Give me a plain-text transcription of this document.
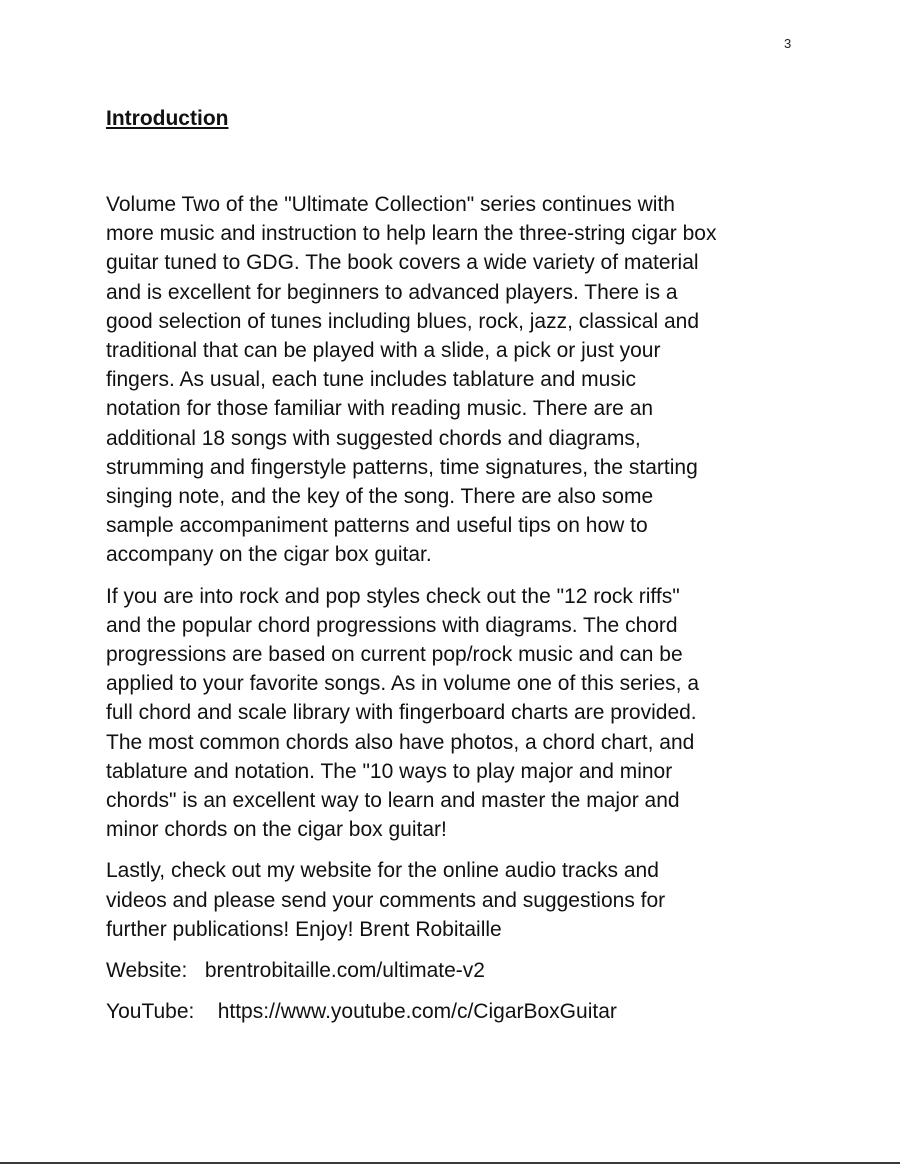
3
Introduction
Volume Two of the "Ultimate Collection" series continues with
more music and instruction to help learn the three-string cigar box
guitar tuned to GDG. The book covers a wide variety of material
and is excellent for beginners to advanced players. There is a
good selection of tunes including blues, rock, jazz, classical and
traditional that can be played with a slide, a pick or just your
fingers. As usual, each tune includes tablature and music
notation for those familiar with reading music. There are an
additional 18 songs with suggested chords and diagrams,
strumming and fingerstyle patterns, time signatures, the starting
singing note, and the key of the song. There are also some
sample accompaniment patterns and useful tips on how to
accompany on the cigar box guitar.
If you are into rock and pop styles check out the "12 rock riffs"
and the popular chord progressions with diagrams. The chord
progressions are based on current pop/rock music and can be
applied to your favorite songs. As in volume one of this series, a
full chord and scale library with fingerboard charts are provided.
The most common chords also have photos, a chord chart, and
tablature and notation. The "10 ways to play major and minor
chords" is an excellent way to learn and master the major and
minor chords on the cigar box guitar!
Lastly, check out my website for the online audio tracks and
videos and please send your comments and suggestions for
further publications! Enjoy! Brent Robitaille
Website:   brentrobitaille.com/ultimate-v2
YouTube:    https://www.youtube.com/c/CigarBoxGuitar
